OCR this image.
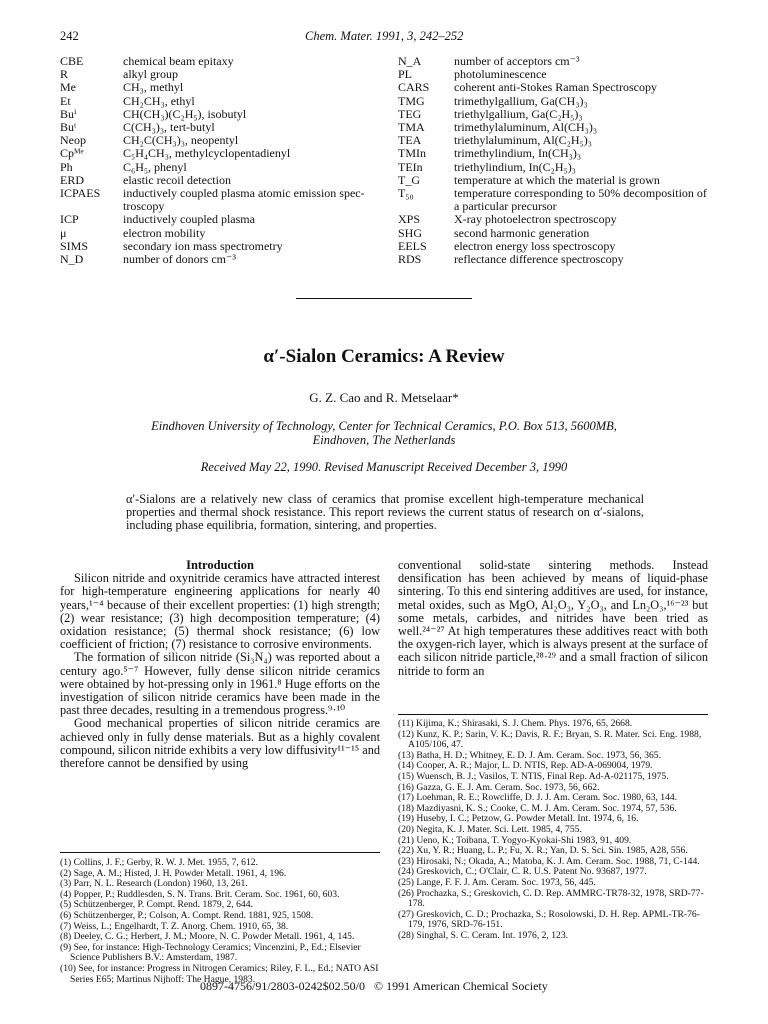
242	Chem. Mater. 1991, 3, 242–252
CBE	chemical beam epitaxy
R	alkyl group
Me	CH₃, methyl
Et	CH₂CH₃, ethyl
Buⁱ	CH(CH₃)(C₂H₅), isobutyl
Buᵗ	C(CH₃)₃, tert-butyl
Neop	CH₂C(CH₃)₃, neopentyl
Cpᴹᵉ	C₅H₄CH₃, methylcyclopentadienyl
Ph	C₆H₅, phenyl
ERD	elastic recoil detection
ICPAES	inductively coupled plasma atomic emission spec- troscopy
ICP	inductively coupled plasma
μ	electron mobility
SIMS	secondary ion mass spectrometry
N_D	number of donors cm⁻³
N_A	number of acceptors cm⁻³
PL	photoluminescence
CARS	coherent anti-Stokes Raman Spectroscopy
TMG	trimethylgallium, Ga(CH₃)₃
TEG	triethylgallium, Ga(C₂H₅)₃
TMA	trimethylaluminum, Al(CH₃)₃
TEA	triethylaluminum, Al(C₂H₅)₃
TMIn	trimethylindium, In(CH₃)₃
TEIn	triethylindium, In(C₂H₅)₃
T_G	temperature at which the material is grown
T₅₀	temperature corresponding to 50% decomposition of a particular precursor
XPS	X-ray photoelectron spectroscopy
SHG	second harmonic generation
EELS	electron energy loss spectroscopy
RDS	reflectance difference spectroscopy
α′-Sialon Ceramics: A Review
G. Z. Cao and R. Metselaar*
Eindhoven University of Technology, Center for Technical Ceramics, P.O. Box 513, 5600MB,
Eindhoven, The Netherlands
Received May 22, 1990. Revised Manuscript Received December 3, 1990
α′-Sialons are a relatively new class of ceramics that promise excellent high-temperature mechanical properties and thermal shock resistance. This report reviews the current status of research on α′-sialons, including phase equilibria, formation, sintering, and properties.

Introduction

Silicon nitride and oxynitride ceramics have attracted interest for high-temperature engineering applications for nearly 40 years,¹⁻⁴ because of their excellent properties: (1) high strength; (2) wear resistance; (3) high decomposition temperature; (4) oxidation resistance; (5) thermal shock resistance; (6) low coefficient of friction; (7) resistance to corrosive environments.

The formation of silicon nitride (Si₃N₄) was reported about a century ago.⁵⁻⁷ However, fully dense silicon nitride ceramics were obtained by hot-pressing only in 1961.⁸ Huge efforts on the investigation of silicon nitride ceramics have been made in the past three decades, resulting in a tremendous progress.⁹·¹⁰

Good mechanical properties of silicon nitride ceramics are achieved only in fully dense materials. But as a highly covalent compound, silicon nitride exhibits a very low diffusivity¹¹⁻¹⁵ and therefore cannot be densified by using

conventional solid-state sintering methods. Instead densification has been achieved by means of liquid-phase sintering. To this end sintering additives are used, for instance, metal oxides, such as MgO, Al₂O₃, Y₂O₃, and Ln₂O₃,¹⁶⁻²³ but some metals, carbides, and nitrides have been tried as well.²⁴⁻²⁷ At high temperatures these additives react with both the oxygen-rich layer, which is always present at the surface of each silicon nitride particle,²⁸·²⁹ and a small fraction of silicon nitride to form an

(1) Collins, J. F.; Gerby, R. W. J. Met. 1955, 7, 612.
(2) Sage, A. M.; Histed, J. H. Powder Metall. 1961, 4, 196.
(3) Parr, N. L. Research (London) 1960, 13, 261.
(4) Popper, P.; Ruddlesden, S. N. Trans. Brit. Ceram. Soc. 1961, 60, 603.
(5) Schützenberger, P. Compt. Rend. 1879, 2, 644.
(6) Schützenberger, P.; Colson, A. Compt. Rend. 1881, 925, 1508.
(7) Weiss, L.; Engelhardt, T. Z. Anorg. Chem. 1910, 65, 38.
(8) Deeley, C. G.; Herbert, J. M.; Moore, N. C. Powder Metall. 1961, 4, 145.
(9) See, for instance: High-Technology Ceramics; Vincenzini, P., Ed.; Elsevier Science Publishers B.V.: Amsterdam, 1987.
(10) See, for instance: Progress in Nitrogen Ceramics; Riley, F. L., Ed.; NATO ASI Series E65; Martinus Nijhoff: The Hague, 1983.
(11) Kijima, K.; Shirasaki, S. J. Chem. Phys. 1976, 65, 2668.
(12) Kunz, K. P.; Sarin, V. K.; Davis, R. F.; Bryan, S. R. Mater. Sci. Eng. 1988, A105/106, 47.
(13) Batha, H. D.; Whitney, E. D. J. Am. Ceram. Soc. 1973, 56, 365.
(14) Cooper, A. R.; Major, L. D. NTIS, Rep. AD-A-069004, 1979.
(15) Wuensch, B. J.; Vasilos, T. NTIS, Final Rep. Ad-A-021175, 1975.
(16) Gazza, G. E. J. Am. Ceram. Soc. 1973, 56, 662.
(17) Loehman, R. E.; Rowcliffe, D. J. J. Am. Ceram. Soc. 1980, 63, 144.
(18) Mazdiyasni, K. S.; Cooke, C. M. J. Am. Ceram. Soc. 1974, 57, 536.
(19) Huseby, I. C.; Petzow, G. Powder Metall. Int. 1974, 6, 16.
(20) Negita, K. J. Mater. Sci. Lett. 1985, 4, 755.
(21) Ueno, K.; Toibana, T. Yogyo-Kyokai-Shi 1983, 91, 409.
(22) Xu, Y. R.; Huang, L. P.; Fu, X. R.; Yan, D. S. Sci. Sin. 1985, A28, 556.
(23) Hirosaki, N.; Okada, A.; Matoba, K. J. Am. Ceram. Soc. 1988, 71, C-144.
(24) Greskovich, C.; O'Clair, C. R. U.S. Patent No. 93687, 1977.
(25) Lange, F. F. J. Am. Ceram. Soc. 1973, 56, 445.
(26) Prochazka, S.; Greskovich, C. D. Rep. AMMRC-TR78-32, 1978, SRD-77-178.
(27) Greskovich, C. D.; Prochazka, S.; Rosolowski, D. H. Rep. APML-TR-76-179, 1976, SRD-76-151.
(28) Singhal, S. C. Ceram. Int. 1976, 2, 123.
0897-4756/91/2803-0242$02.50/0 © 1991 American Chemical Society
